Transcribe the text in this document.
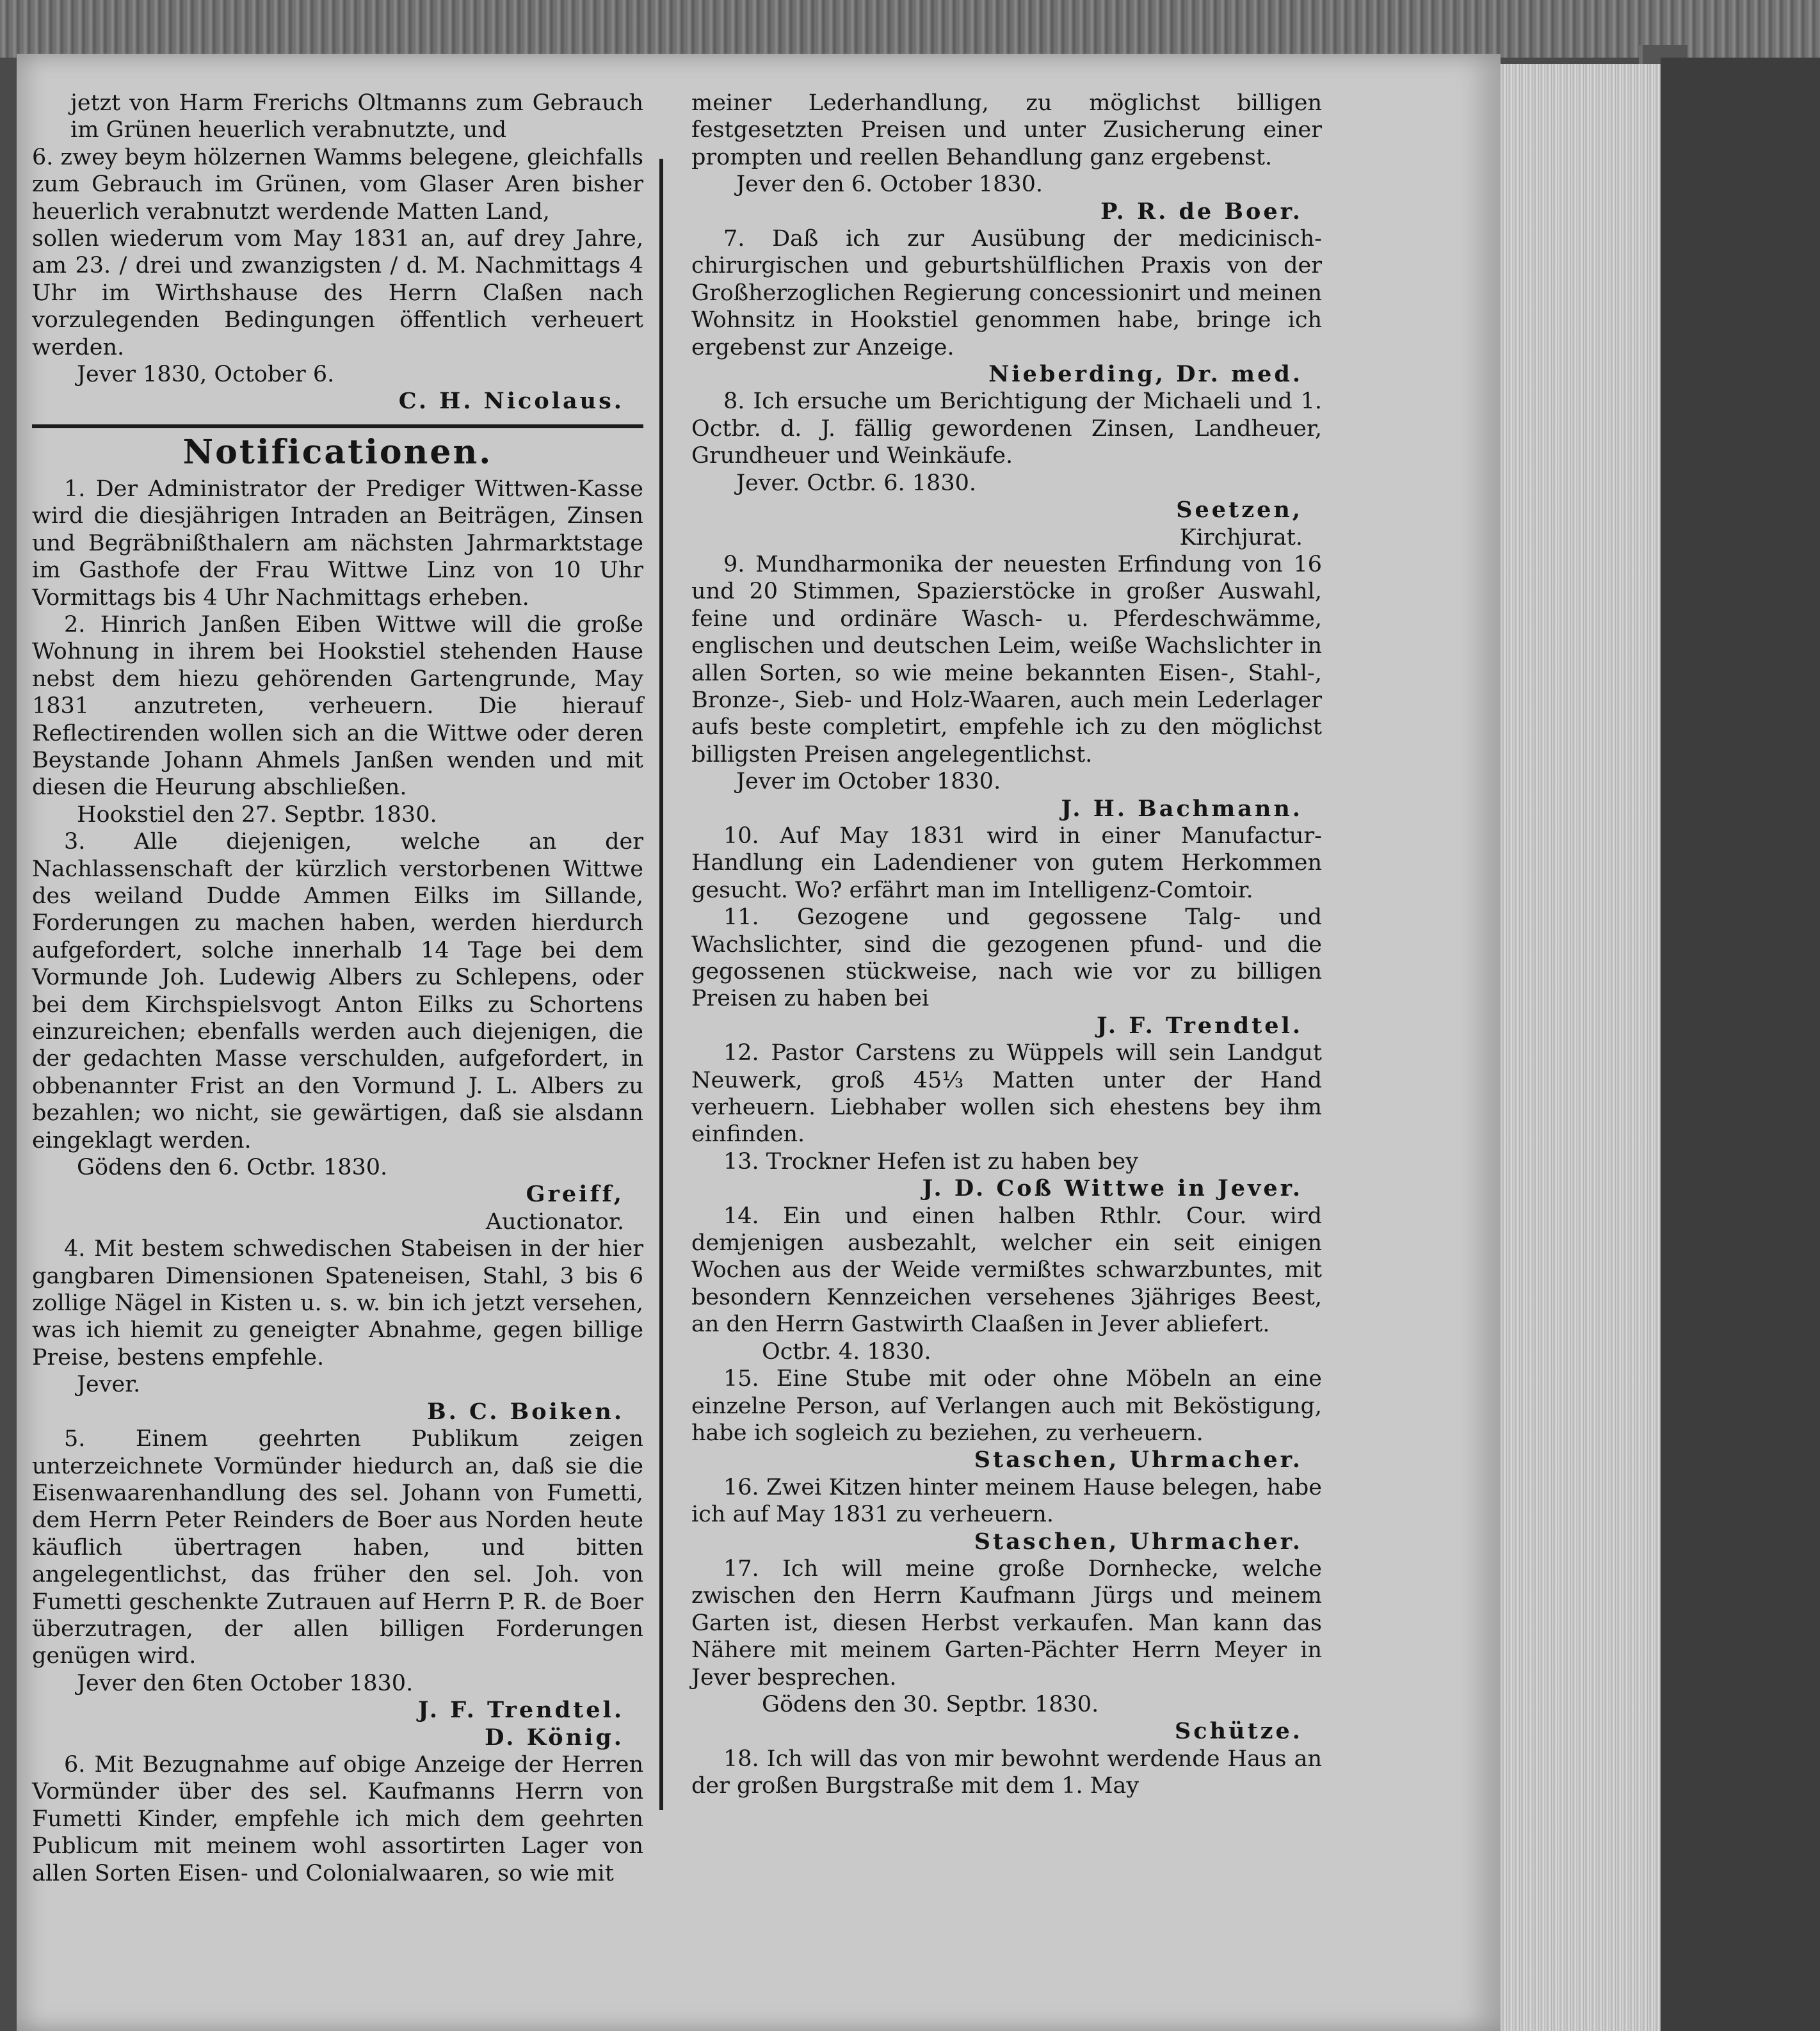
jetzt von Harm Frerichs Oltmanns zum Gebrauch im Grünen heuerlich verabnutzte, und

6. zwey beym hölzernen Wamms belegene, gleichfalls zum Gebrauch im Grünen, vom Glaser Aren bisher heuerlich verabnutzt werdende Matten Land,

sollen wiederum vom May 1831 an, auf drey Jahre, am 23. / drei und zwanzigsten / d. M. Nachmittags 4 Uhr im Wirthshause des Herrn Claßen nach vorzulegenden Bedingungen öffentlich verheuert werden.

Jever 1830, October 6.

C. H. Nicolaus.

Notificationen.

1. Der Administrator der Prediger Wittwen-Kasse wird die diesjährigen Intraden an Beiträgen, Zinsen und Begräbnißthalern am nächsten Jahrmarktstage im Gasthofe der Frau Wittwe Linz von 10 Uhr Vormittags bis 4 Uhr Nachmittags erheben.

2. Hinrich Janßen Eiben Wittwe will die große Wohnung in ihrem bei Hookstiel stehenden Hause nebst dem hiezu gehörenden Gartengrunde, May 1831 anzutreten, verheuern. Die hierauf Reflectirenden wollen sich an die Wittwe oder deren Beystande Johann Ahmels Janßen wenden und mit diesen die Heurung abschließen.

Hookstiel den 27. Septbr. 1830.

3. Alle diejenigen, welche an der Nachlassenschaft der kürzlich verstorbenen Wittwe des weiland Dudde Ammen Eilks im Sillande, Forderungen zu machen haben, werden hierdurch aufgefordert, solche innerhalb 14 Tage bei dem Vormunde Joh. Ludewig Albers zu Schlepens, oder bei dem Kirchspielsvogt Anton Eilks zu Schortens einzureichen; ebenfalls werden auch diejenigen, die der gedachten Masse verschulden, aufgefordert, in obbenannter Frist an den Vormund J. L. Albers zu bezahlen; wo nicht, sie gewärtigen, daß sie alsdann eingeklagt werden.

Gödens den 6. Octbr. 1830.

Greiff,

Auctionator.

4. Mit bestem schwedischen Stabeisen in der hier gangbaren Dimensionen Spateneisen, Stahl, 3 bis 6 zollige Nägel in Kisten u. s. w. bin ich jetzt versehen, was ich hiemit zu geneigter Abnahme, gegen billige Preise, bestens empfehle.

Jever.

B. C. Boiken.

5. Einem geehrten Publikum zeigen unterzeichnete Vormünder hiedurch an, daß sie die Eisenwaarenhandlung des sel. Johann von Fumetti, dem Herrn Peter Reinders de Boer aus Norden heute käuflich übertragen haben, und bitten angelegentlichst, das früher den sel. Joh. von Fumetti geschenkte Zutrauen auf Herrn P. R. de Boer überzutragen, der allen billigen Forderungen genügen wird.

Jever den 6ten October 1830.

J. F. Trendtel.

D. König.

6. Mit Bezugnahme auf obige Anzeige der Herren Vormünder über des sel. Kaufmanns Herrn von Fumetti Kinder, empfehle ich mich dem geehrten Publicum mit meinem wohl assortirten Lager von allen Sorten Eisen- und Colonialwaaren, so wie mit

meiner Lederhandlung, zu möglichst billigen festgesetzten Preisen und unter Zusicherung einer prompten und reellen Behandlung ganz ergebenst.

Jever den 6. October 1830.

P. R. de Boer.

7. Daß ich zur Ausübung der medicinisch-chirurgischen und geburtshülflichen Praxis von der Großherzoglichen Regierung concessionirt und meinen Wohnsitz in Hookstiel genommen habe, bringe ich ergebenst zur Anzeige.

Nieberding, Dr. med.

8. Ich ersuche um Berichtigung der Michaeli und 1. Octbr. d. J. fällig gewordenen Zinsen, Landheuer, Grundheuer und Weinkäufe.

Jever. Octbr. 6. 1830.

Seetzen,

Kirchjurat.

9. Mundharmonika der neuesten Erfindung von 16 und 20 Stimmen, Spazierstöcke in großer Auswahl, feine und ordinäre Wasch- u. Pferdeschwämme, englischen und deutschen Leim, weiße Wachslichter in allen Sorten, so wie meine bekannten Eisen-, Stahl-, Bronze-, Sieb- und Holz-Waaren, auch mein Lederlager aufs beste completirt, empfehle ich zu den möglichst billigsten Preisen angelegentlichst.

Jever im October 1830.

J. H. Bachmann.

10. Auf May 1831 wird in einer Manufactur-Handlung ein Ladendiener von gutem Herkommen gesucht. Wo? erfährt man im Intelligenz-Comtoir.

11. Gezogene und gegossene Talg- und Wachslichter, sind die gezogenen pfund- und die gegossenen stückweise, nach wie vor zu billigen Preisen zu haben bei

J. F. Trendtel.

12. Pastor Carstens zu Wüppels will sein Landgut Neuwerk, groß 45⅓ Matten unter der Hand verheuern. Liebhaber wollen sich ehestens bey ihm einfinden.

13. Trockner Hefen ist zu haben bey

J. D. Coß Wittwe in Jever.

14. Ein und einen halben Rthlr. Cour. wird demjenigen ausbezahlt, welcher ein seit einigen Wochen aus der Weide vermißtes schwarzbuntes, mit besondern Kennzeichen versehenes 3jähriges Beest, an den Herrn Gastwirth Claaßen in Jever abliefert.

Octbr. 4. 1830.

15. Eine Stube mit oder ohne Möbeln an eine einzelne Person, auf Verlangen auch mit Beköstigung, habe ich sogleich zu beziehen, zu verheuern.

Staschen, Uhrmacher.

16. Zwei Kitzen hinter meinem Hause belegen, habe ich auf May 1831 zu verheuern.

Staschen, Uhrmacher.

17. Ich will meine große Dornhecke, welche zwischen den Herrn Kaufmann Jürgs und meinem Garten ist, diesen Herbst verkaufen. Man kann das Nähere mit meinem Garten-Pächter Herrn Meyer in Jever besprechen.

Gödens den 30. Septbr. 1830.

Schütze.

18. Ich will das von mir bewohnt werdende Haus an der großen Burgstraße mit dem 1. May
